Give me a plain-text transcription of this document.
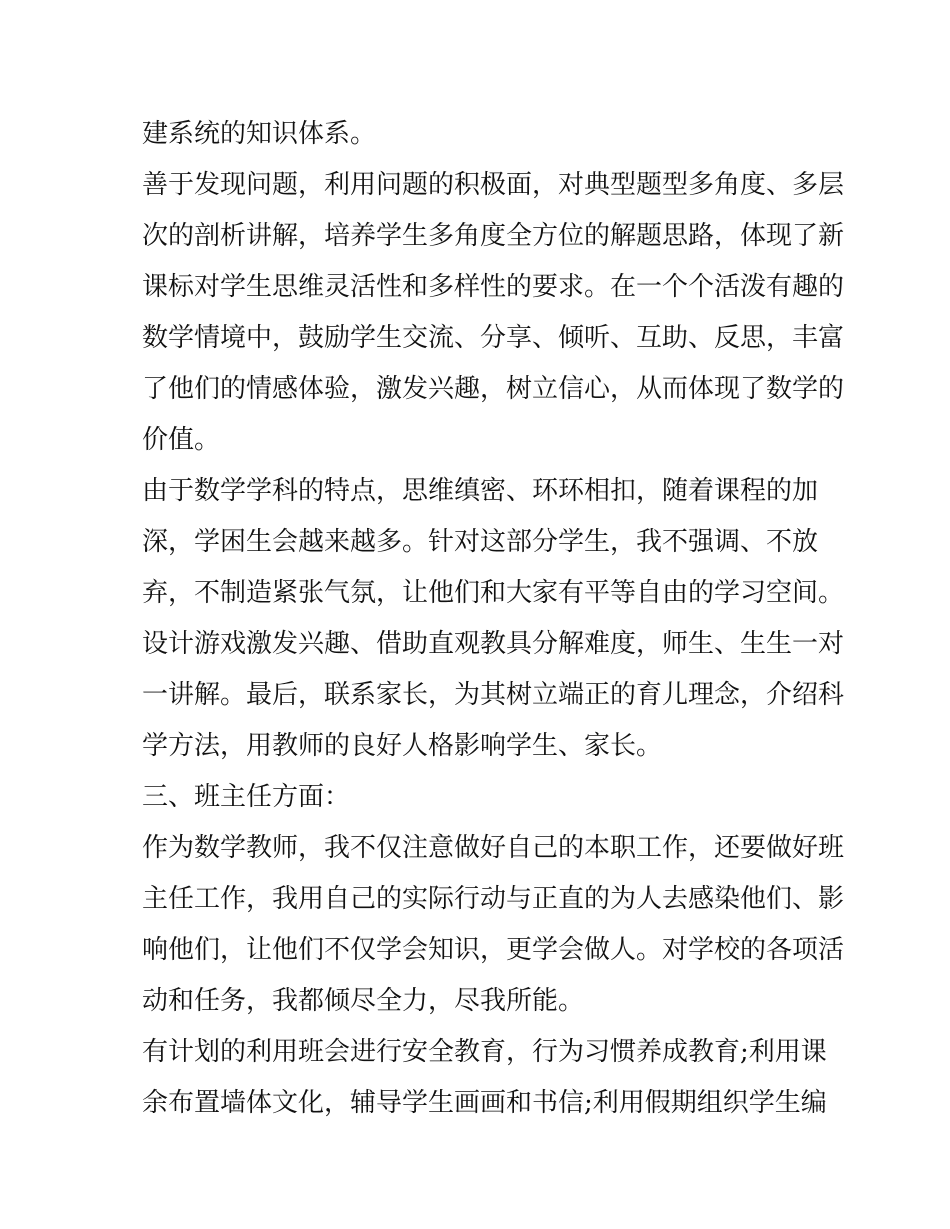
建系统的知识体系。
善于发现问题，利用问题的积极面，对典型题型多角度、多层
次的剖析讲解，培养学生多角度全方位的解题思路，体现了新
课标对学生思维灵活性和多样性的要求。在一个个活泼有趣的
数学情境中，鼓励学生交流、分享、倾听、互助、反思，丰富
了他们的情感体验，激发兴趣，树立信心，从而体现了数学的
价值。
由于数学学科的特点，思维缜密、环环相扣，随着课程的加
深，学困生会越来越多。针对这部分学生，我不强调、不放
弃，不制造紧张气氛，让他们和大家有平等自由的学习空间。
设计游戏激发兴趣、借助直观教具分解难度，师生、生生一对
一讲解。最后，联系家长，为其树立端正的育儿理念，介绍科
学方法，用教师的良好人格影响学生、家长。
三、班主任方面：
作为数学教师，我不仅注意做好自己的本职工作，还要做好班
主任工作，我用自己的实际行动与正直的为人去感染他们、影
响他们，让他们不仅学会知识，更学会做人。对学校的各项活
动和任务，我都倾尽全力，尽我所能。
有计划的利用班会进行安全教育，行为习惯养成教育;利用课
余布置墙体文化，辅导学生画画和书信;利用假期组织学生编
